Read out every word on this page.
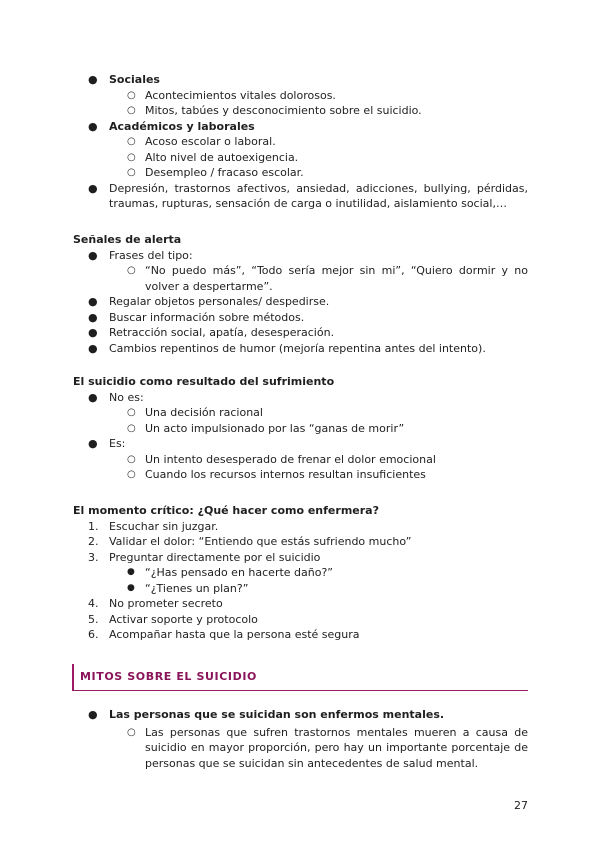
●	Sociales
○ Acontecimientos vitales dolorosos.
○ Mitos, tabúes y desconocimiento sobre el suicidio.
●	Académicos y laborales
○ Acoso escolar o laboral.
○ Alto nivel de autoexigencia.
○ Desempleo / fracaso escolar.
●	Depresión, trastornos afectivos, ansiedad, adicciones, bullying, pérdidas, traumas, rupturas, sensación de carga o inutilidad, aislamiento social,…
Señales de alerta
●	Frases del tipo:
○ “No puedo más”, “Todo sería mejor sin mi”, “Quiero dormir y no volver a despertarme”.
●	Regalar objetos personales/ despedirse.
●	Buscar información sobre métodos.
●	Retracción social, apatía, desesperación.
●	Cambios repentinos de humor (mejoría repentina antes del intento).
El suicidio como resultado del sufrimiento
●	No es:
○ Una decisión racional
○ Un acto impulsionado por las “ganas de morir”
●	Es:
○ Un intento desesperado de frenar el dolor emocional
○ Cuando los recursos internos resultan insuficientes
El momento crítico: ¿Qué hacer como enfermera?
1. Escuchar sin juzgar.
2. Validar el dolor: “Entiendo que estás sufriendo mucho”
3. Preguntar directamente por el suicidio
● “¿Has pensado en hacerte daño?”
● “¿Tienes un plan?”
4. No prometer secreto
5. Activar soporte y protocolo
6. Acompañar hasta que la persona esté segura
MITOS SOBRE EL SUICIDIO
●	Las personas que se suicidan son enfermos mentales.
○ Las personas que sufren trastornos mentales mueren a causa de suicidio en mayor proporción, pero hay un importante porcentaje de personas que se suicidan sin antecedentes de salud mental.
27
